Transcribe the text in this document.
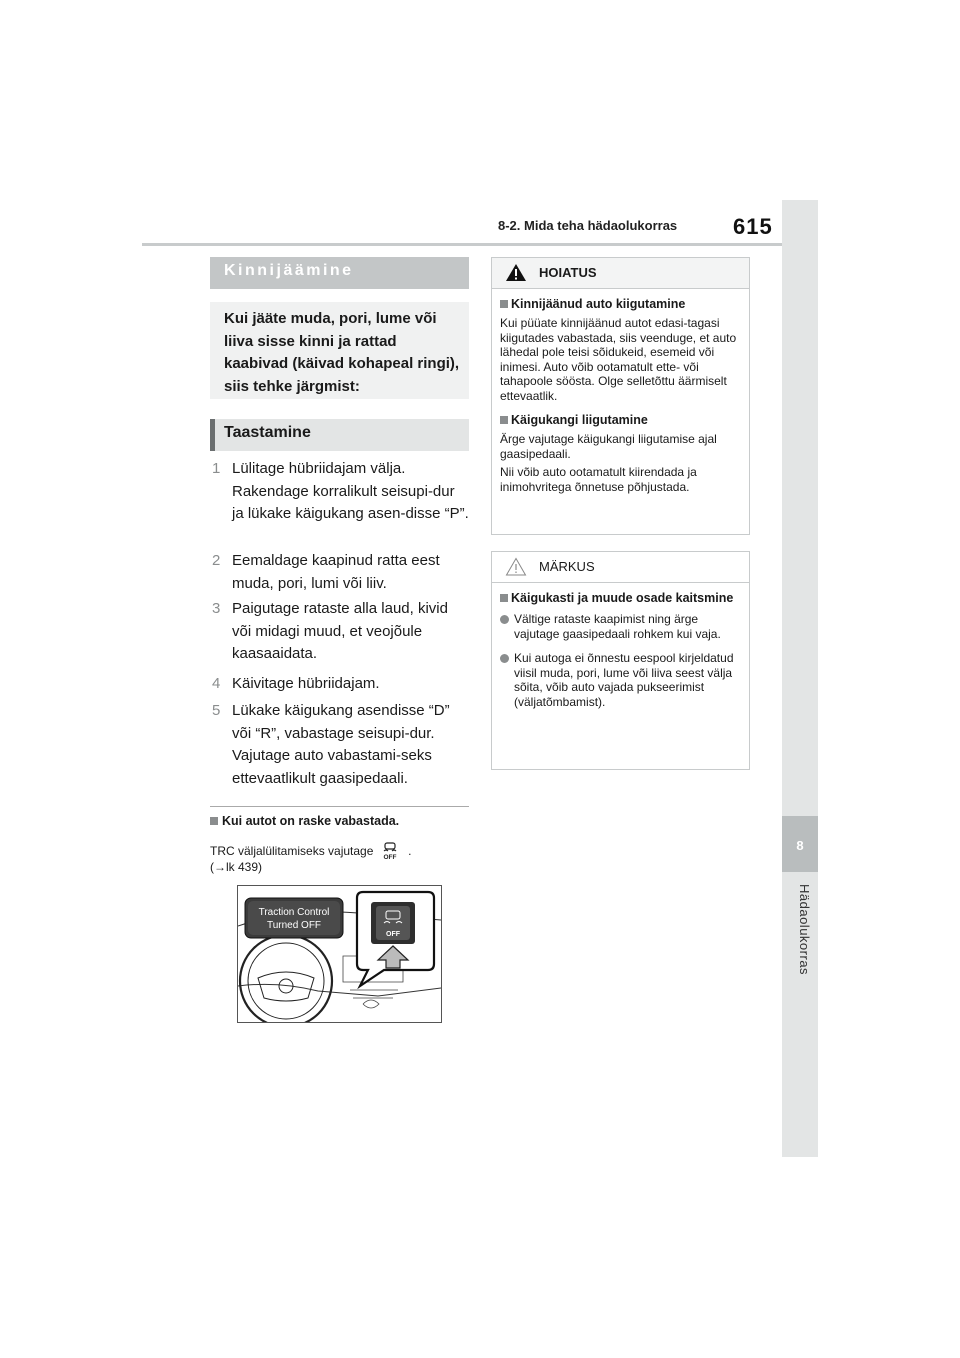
8-2. Mida teha hädaolukorras	615
8
Hädaolukorras
Kinnijäämine
Kui jääte muda, pori, lume või liiva sisse kinni ja rattad kaabivad (käivad kohapeal ringi), siis tehke järgmist:
Taastamine
1 Lülitage hübriidajam välja. Rakendage korralikult seisupi-dur ja lükake käigukang asen-disse “P”.
2 Eemaldage kaapinud ratta eest muda, pori, lumi või liiv.
3 Paigutage rataste alla laud, kivid või midagi muud, et veojõule kaasaaidata.
4 Käivitage hübriidajam.
5 Lükake käigukang asendisse “D” või “R”, vabastage seisupi-dur. Vajutage auto vabastami-seks ettevaatlikult gaasipedaali.
Kui autot on raske vabastada.
TRC väljalülitamiseks vajutage OFF .
(→lk 439)
Traction Control
Turned OFF
OFF
HOIATUS
Kinnijäänud auto kiigutamine
Kui püüate kinnijäänud autot edasi-tagasi kiigutades vabastada, siis veenduge, et auto lähedal pole teisi sõidukeid, esemeid või inimesi. Auto võib ootamatult ette- või tahapoole söösta. Olge selletõttu äärmiselt ettevaatlik.
Käigukangi liigutamine
Ärge vajutage käigukangi liigutamise ajal gaasipedaali.
Nii võib auto ootamatult kiirendada ja inimohvritega õnnetuse põhjustada.
MÄRKUS
Käigukasti ja muude osade kaitsmine
Vältige rataste kaapimist ning ärge vajutage gaasipedaali rohkem kui vaja.
Kui autoga ei õnnestu eespool kirjeldatud viisil muda, pori, lume või liiva seest välja sõita, võib auto vajada pukseerimist (väljatõmbamist).
